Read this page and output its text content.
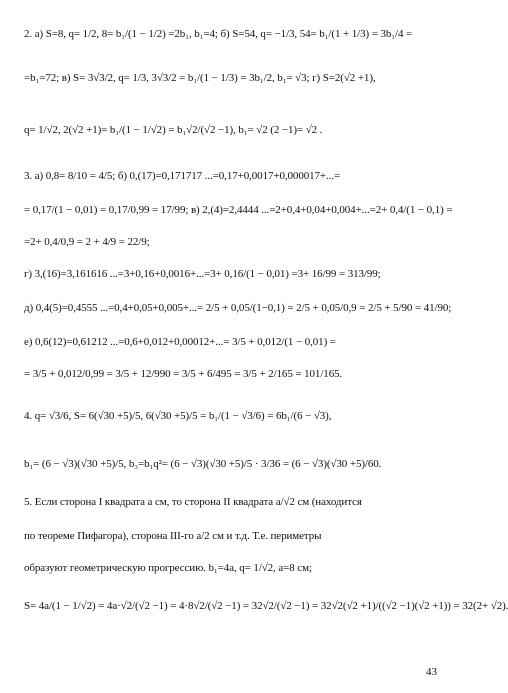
2. а) S=8, q= 1/2, 8= b₁/(1 − 1/2) =2b₁, b₁=4; б) S=54, q= −1/3, 54= b₁/(1 + 1/3) = 3b₁/4 =
=b₁=72; в) S= 3√3/2, q= 1/3, 3√3/2 = b₁/(1 − 1/3) = 3b₁/2, b₁= √3; г) S=2(√2 +1),
q= 1/√2, 2(√2 +1)= b₁/(1 − 1/√2) = b₁√2/(√2 −1), b₁= √2 (2 −1)= √2 .
3. а) 0,8= 8/10 = 4/5; б) 0,(17)=0,171717 ...=0,17+0,0017+0,000017+...=
= 0,17/(1 − 0,01) = 0,17/0,99 = 17/99; в) 2,(4)=2,4444 ...=2+0,4+0,04+0,004+...=2+ 0,4/(1 − 0,1) =
=2+ 0,4/0,9 = 2 + 4/9 = 22/9;
г) 3,(16)=3,161616 ...=3+0,16+0,0016+...=3+ 0,16/(1 − 0,01) =3+ 16/99 = 313/99;
д) 0,4(5)=0,4555 ...=0,4+0,05+0,005+...= 2/5 + 0,05/(1−0,1) = 2/5 + 0,05/0,9 = 2/5 + 5/90 = 41/90;
е) 0,6(12)=0,61212 ...=0,6+0,012+0,00012+...= 3/5 + 0,012/(1 − 0,01) =
= 3/5 + 0,012/0,99 = 3/5 + 12/990 = 3/5 + 6/495 = 3/5 + 2/165 = 101/165.
4. q= √3/6, S= 6(√30 +5)/5, 6(√30 +5)/5 = b₁/(1 − √3/6) = 6b₁/(6 − √3),
b₁= (6 − √3)(√30 +5)/5, b₃=b₁q²= (6 − √3)(√30 +5)/5 · 3/36 = (6 − √3)(√30 +5)/60.
5. Если сторона I квадрата a см, то сторона II квадрата a/√2 см (находится
по теореме Пифагора), сторона III-го a/2 см и т.д. Т.е. периметры
образуют геометрическую прогрессию. b₁=4a, q= 1/√2, a=8 см;
S= 4a/(1 − 1/√2) = 4a·√2/(√2 −1) = 4·8√2/(√2 −1) = 32√2/(√2 −1) = 32√2(√2 +1)/((√2 −1)(√2 +1)) = 32(2+ √2).
43
